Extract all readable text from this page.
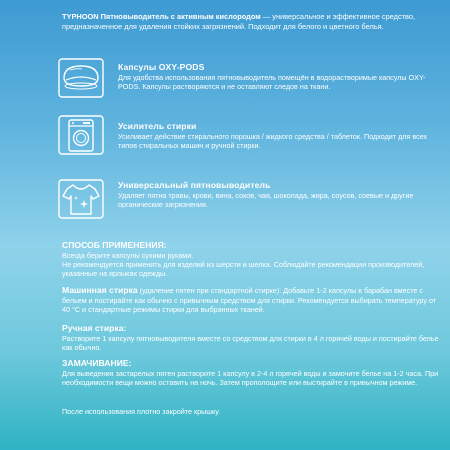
TYPHOON Пятновыводитель с активным кислородом — универсальное и эффективное средство, предназначенное для удаления стойких загрязнений. Подходит для белого и цветного белья.
Капсулы OXY-PODS
Для удобства использования пятновыводитель помещён в водорастворимые капсулы OXY-PODS. Капсулы растворяются и не оставляют следов на ткани.
Усилитель стирки
Усиливает действие стирального порошка / жидкого средства / таблеток. Подходит для всех типов стиральных машин и ручной стирки.
Универсальный пятновыводитель
Удаляет пятна травы, крови, вина, соков, чая, шоколада, жира, соусов, соевые и другие органические загрязнения.
СПОСОБ ПРИМЕНЕНИЯ:
Всегда берите капсулы сухими руками.
Не рекомендуется применять для изделий из шерсти и шелка. Соблюдайте рекомендации производителей, указанные на ярлыках одежды.
Машинная стирка (удаление пятен при стандартной стирке): Добавьте 1-2 капсулы в барабан вместе с бельем и постирайте как обычно с привычным средством для стирки. Рекомендуется выбирать температуру от 40 °С и стандартные режимы стирки для выбранных тканей.
Ручная стирка:
Растворите 1 капсулу пятновыводителя вместе со средством для стирки в 4 л горячей воды и постирайте белье как обычно.
ЗАМАЧИВАНИЕ:
Для выведения застарелых пятен растворите 1 капсулу в 2-4 л горячей воды и замочите белье на 1-2 часа. При необходимости вещи можно оставить на ночь. Затем прополощите или выстирайте в привычном режиме.
После использования плотно закройте крышку.
